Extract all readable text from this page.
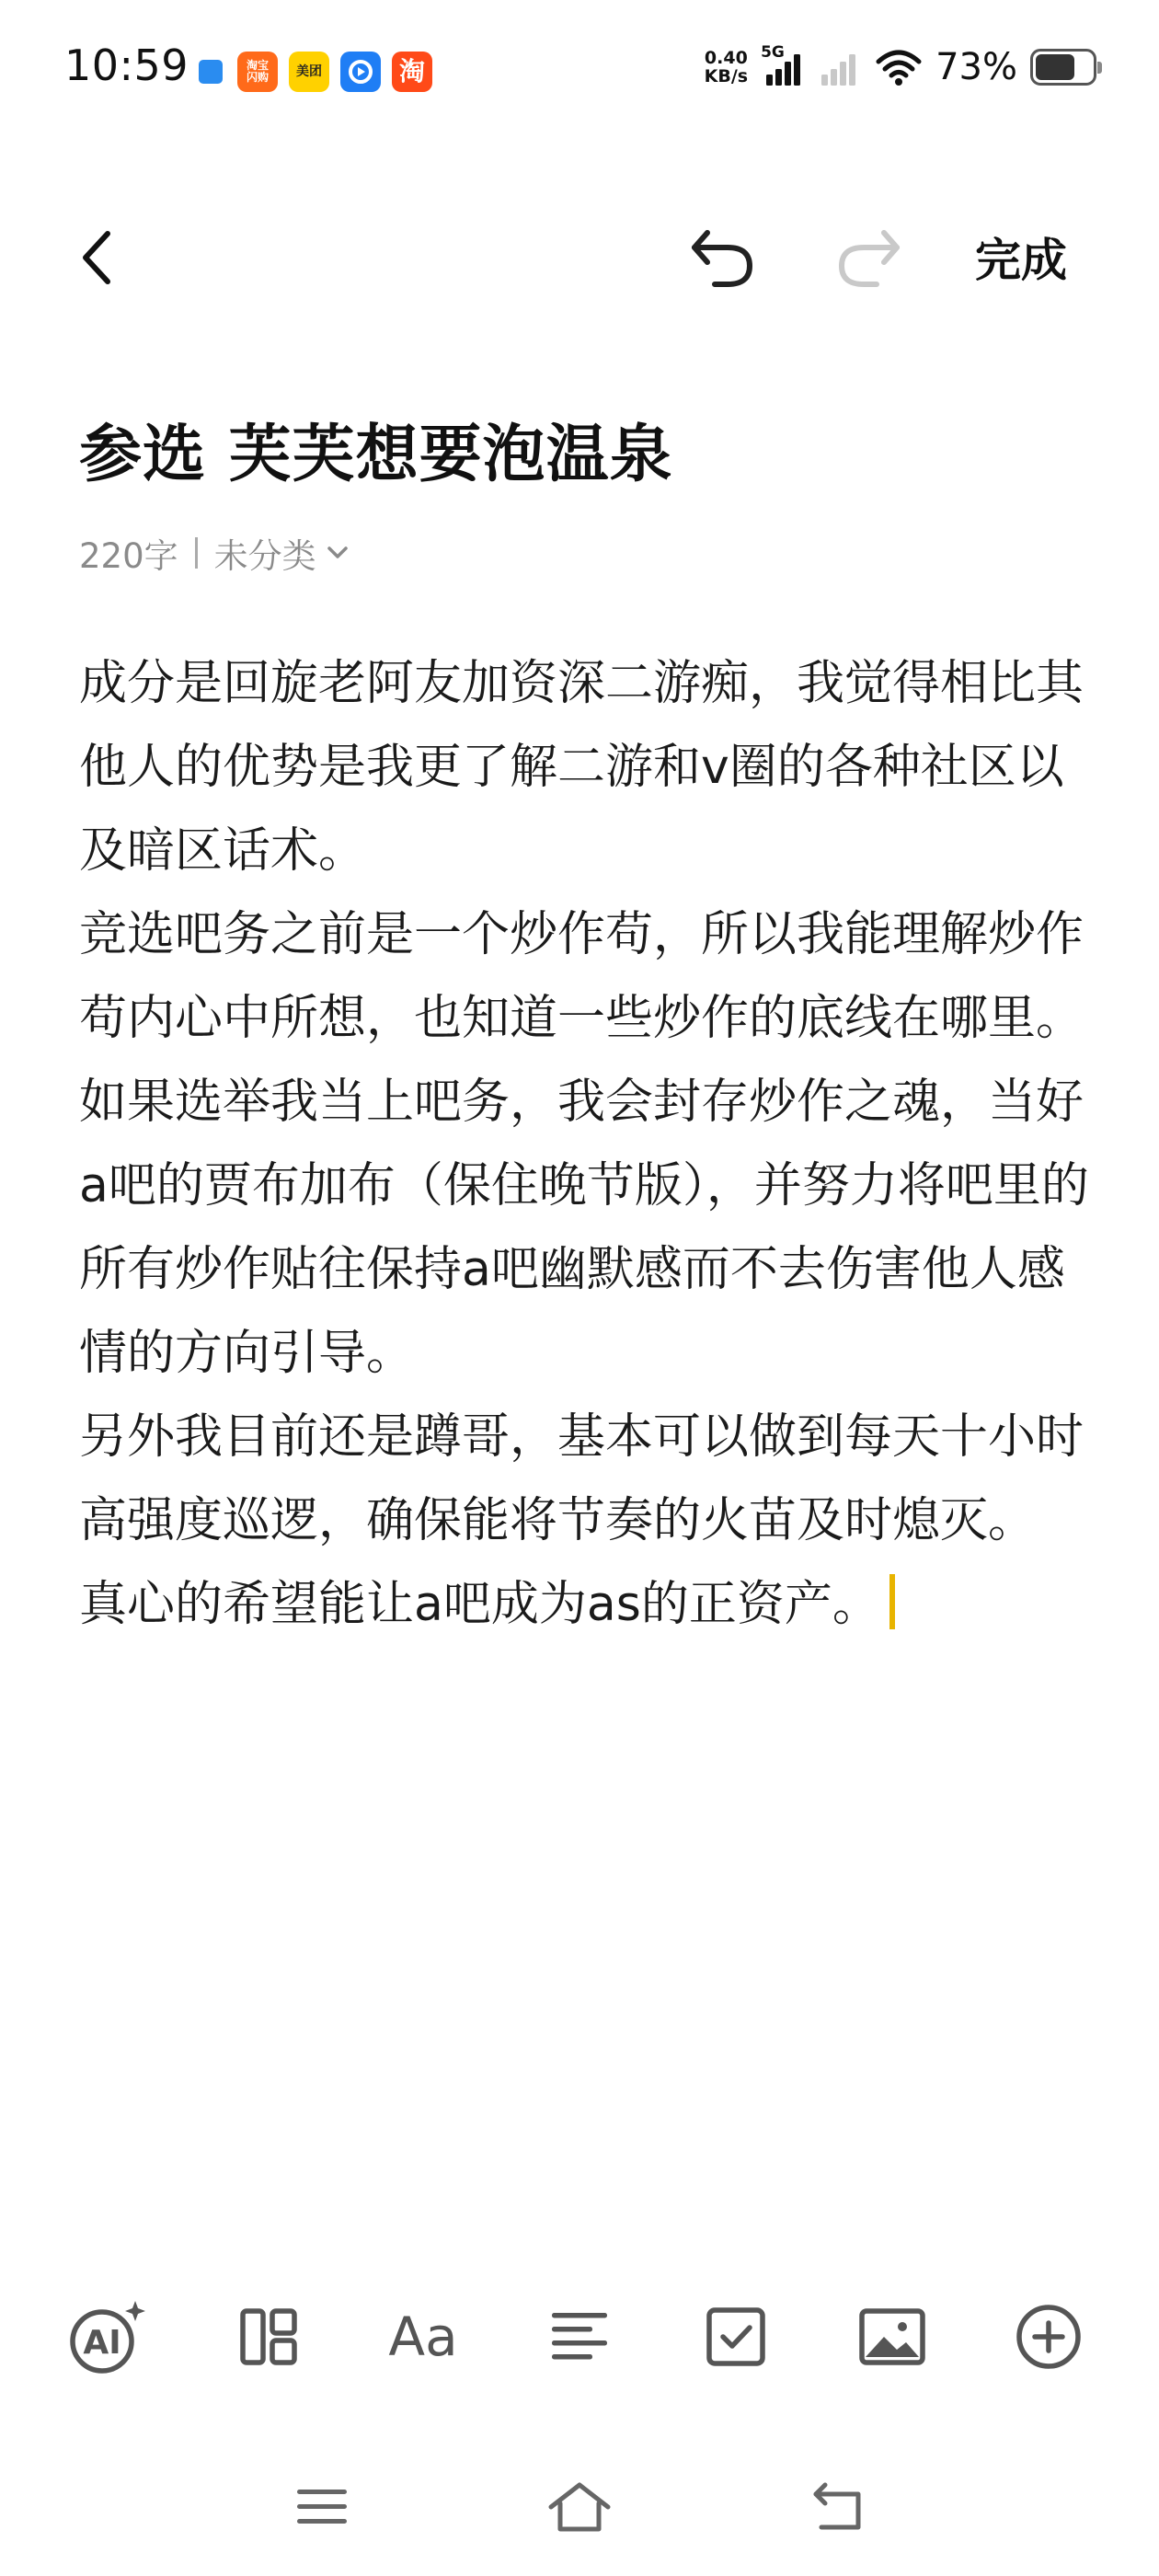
10:59	淘宝
闪购 美团	淘	0.40
KB/s
5G	73%
完成
参选 芙芙想要泡温泉
220字 未分类

成分是回旋老阿友加资深二游痴，我觉得相比其他人的优势是我更了解二游和v圈的各种社区以及暗区话术。

竞选吧务之前是一个炒作苟，所以我能理解炒作苟内心中所想，也知道一些炒作的底线在哪里。

如果选举我当上吧务，我会封存炒作之魂，当好a吧的贾布加布（保住晚节版），并努力将吧里的所有炒作贴往保持a吧幽默感而不去伤害他人感情的方向引导。

另外我目前还是蹲哥，基本可以做到每天十小时高强度巡逻，确保能将节奏的火苗及时熄灭。

真心的希望能让a吧成为as的正资产。

AI	Aa
